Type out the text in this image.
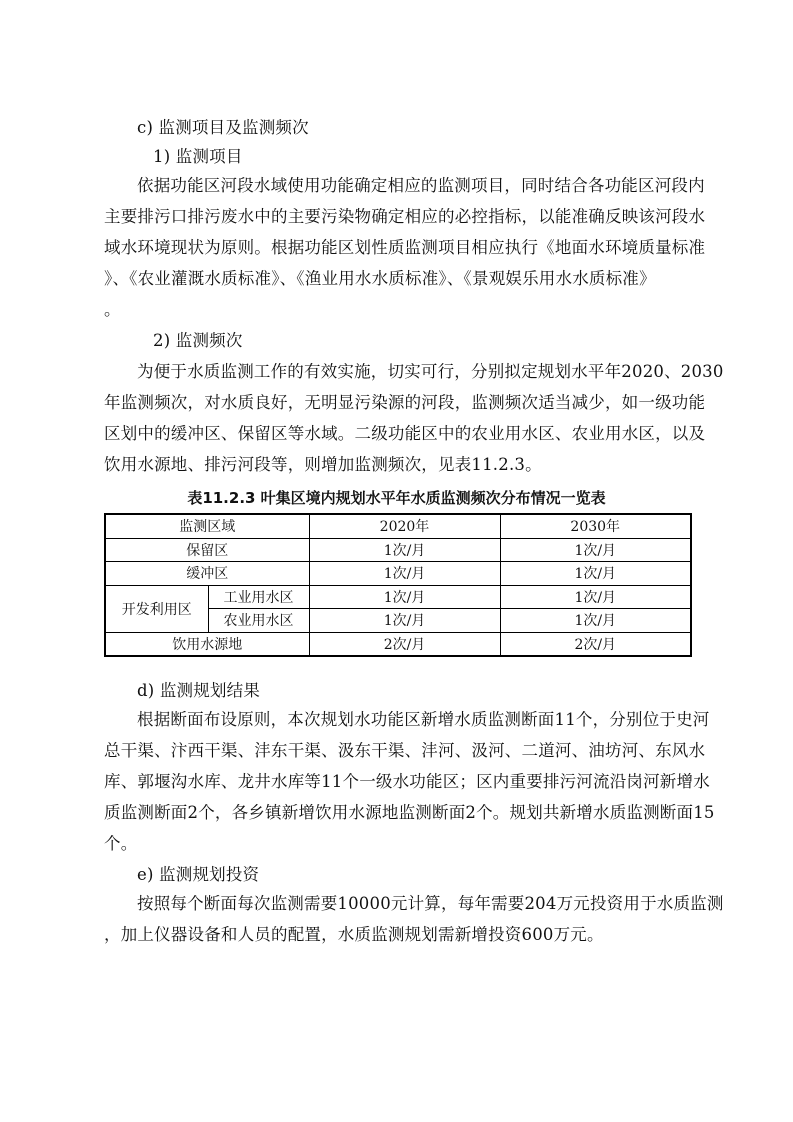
c) 监测项目及监测频次
1) 监测项目
依据功能区河段水域使用功能确定相应的监测项目，同时结合各功能区河段内
主要排污口排污废水中的主要污染物确定相应的必控指标，以能准确反映该河段水
域水环境现状为原则。根据功能区划性质监测项目相应执行《地面水环境质量标准
》、《农业灌溉水质标准》、《渔业用水水质标准》、《景观娱乐用水水质标准》
。
2) 监测频次
为便于水质监测工作的有效实施，切实可行，分别拟定规划水平年2020、2030
年监测频次，对水质良好，无明显污染源的河段，监测频次适当减少，如一级功能
区划中的缓冲区、保留区等水域。二级功能区中的农业用水区、农业用水区，以及
饮用水源地、排污河段等，则增加监测频次，见表11.2.3。
表11.2.3 叶集区境内规划水平年水质监测频次分布情况一览表
监测区域		2020年	2030年
保留区		1次/月	1次/月
缓冲区		1次/月	1次/月
开发利用区	工业用水区	1次/月	1次/月
	农业用水区	1次/月	1次/月
饮用水源地		2次/月	2次/月
d) 监测规划结果
根据断面布设原则，本次规划水功能区新增水质监测断面11个，分别位于史河
总干渠、汴西干渠、沣东干渠、汲东干渠、沣河、汲河、二道河、油坊河、东风水
库、郭堰沟水库、龙井水库等11个一级水功能区；区内重要排污河流沿岗河新增水
质监测断面2个，各乡镇新增饮用水源地监测断面2个。规划共新增水质监测断面15
个。
e) 监测规划投资
按照每个断面每次监测需要10000元计算，每年需要204万元投资用于水质监测
，加上仪器设备和人员的配置，水质监测规划需新增投资600万元。
